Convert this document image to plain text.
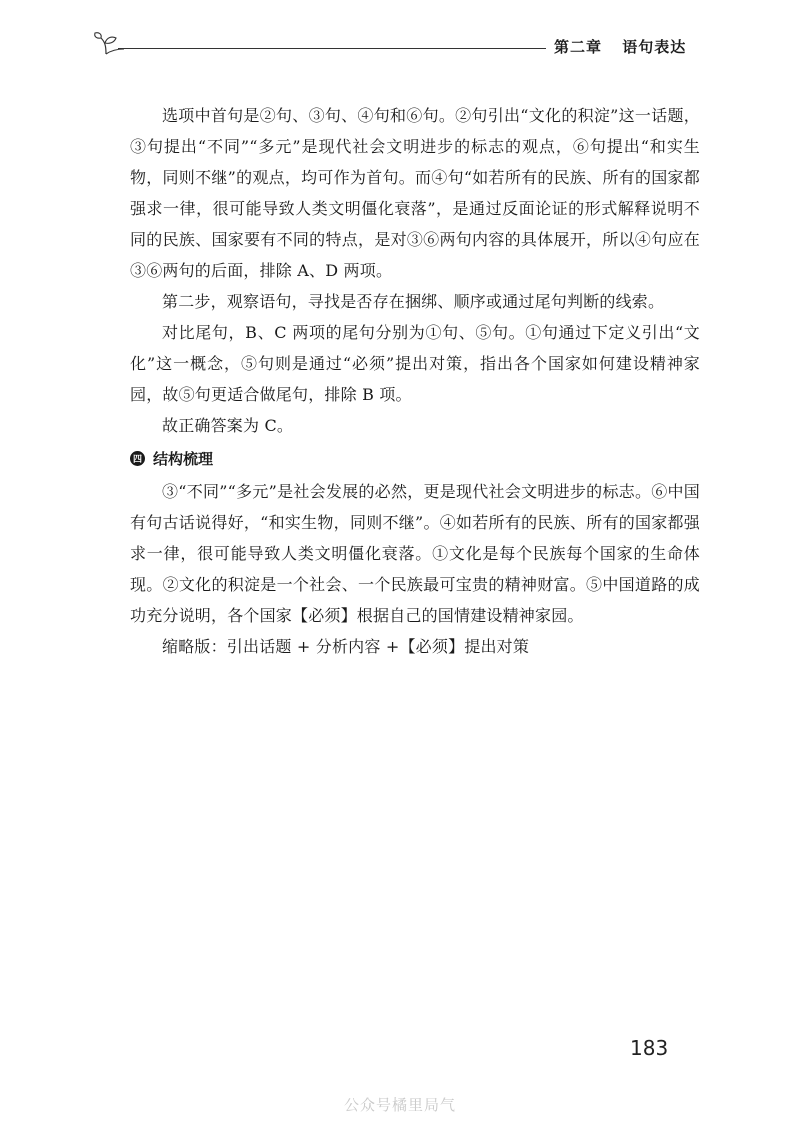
第二章 语句表达

选项中首句是②句、③句、④句和⑥句。②句引出“文化的积淀”这一话题，③句提出“不同”“多元”是现代社会文明进步的标志的观点，⑥句提出“和实生物，同则不继”的观点，均可作为首句。而④句“如若所有的民族、所有的国家都强求一律，很可能导致人类文明僵化衰落”，是通过反面论证的形式解释说明不同的民族、国家要有不同的特点，是对③⑥两句内容的具体展开，所以④句应在③⑥两句的后面，排除 A、D 两项。

第二步，观察语句，寻找是否存在捆绑、顺序或通过尾句判断的线索。

对比尾句，B、C 两项的尾句分别为①句、⑤句。①句通过下定义引出“文化”这一概念，⑤句则是通过“必须”提出对策，指出各个国家如何建设精神家园，故⑤句更适合做尾句，排除 B 项。

故正确答案为 C。

四 结构梳理

③“不同”“多元”是社会发展的必然，更是现代社会文明进步的标志。⑥中国有句古话说得好，“和实生物，同则不继”。④如若所有的民族、所有的国家都强求一律，很可能导致人类文明僵化衰落。①文化是每个民族每个国家的生命体现。②文化的积淀是一个社会、一个民族最可宝贵的精神财富。⑤中国道路的成功充分说明，各个国家【必须】根据自己的国情建设精神家园。

缩略版：引出话题 + 分析内容 +【必须】提出对策

183
公众号橘里局气
